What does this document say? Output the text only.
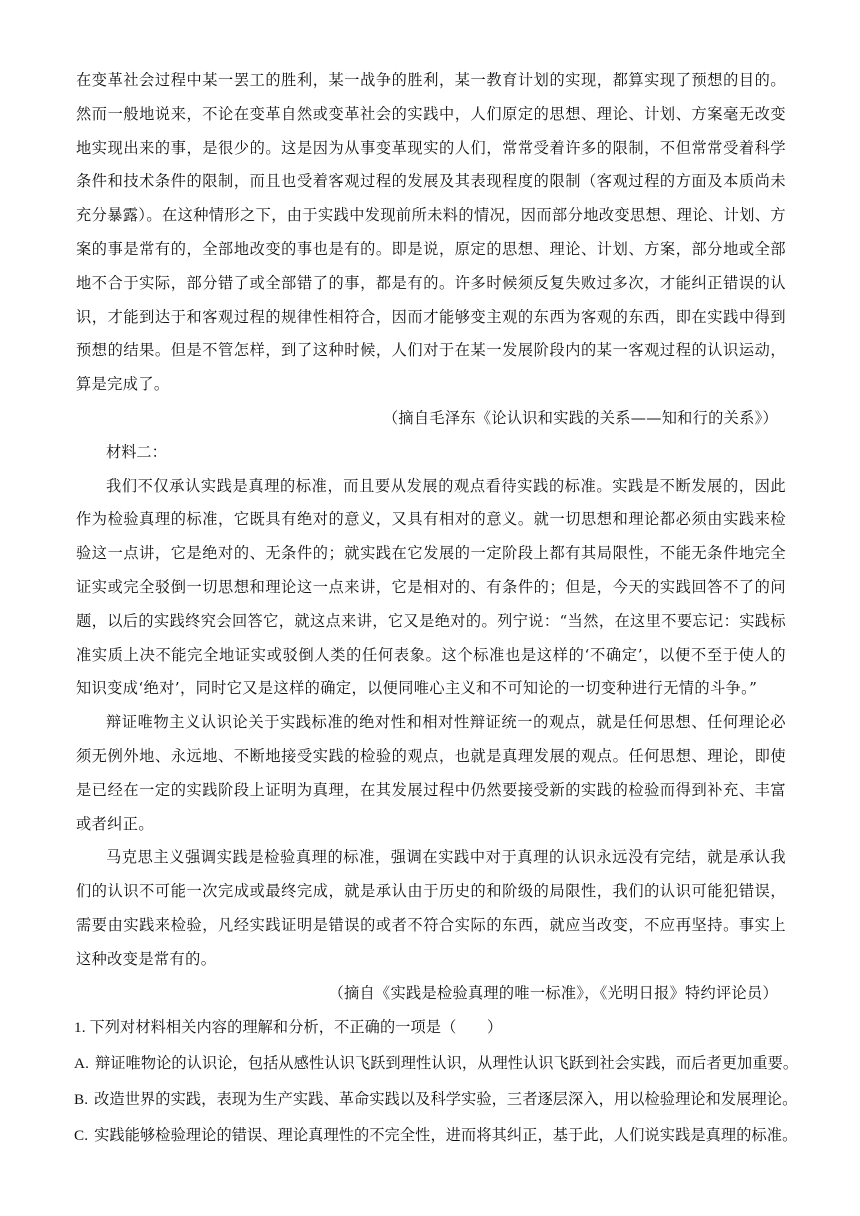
在变革社会过程中某一罢工的胜利，某一战争的胜利，某一教育计划的实现，都算实现了预想的目的。然而一般地说来，不论在变革自然或变革社会的实践中，人们原定的思想、理论、计划、方案毫无改变地实现出来的事，是很少的。这是因为从事变革现实的人们，常常受着许多的限制，不但常常受着科学条件和技术条件的限制，而且也受着客观过程的发展及其表现程度的限制（客观过程的方面及本质尚未充分暴露）。在这种情形之下，由于实践中发现前所未料的情况，因而部分地改变思想、理论、计划、方案的事是常有的，全部地改变的事也是有的。即是说，原定的思想、理论、计划、方案，部分地或全部地不合于实际，部分错了或全部错了的事，都是有的。许多时候须反复失败过多次，才能纠正错误的认识，才能到达于和客观过程的规律性相符合，因而才能够变主观的东西为客观的东西，即在实践中得到预想的结果。但是不管怎样，到了这种时候，人们对于在某一发展阶段内的某一客观过程的认识运动，算是完成了。

（摘自毛泽东《论认识和实践的关系——知和行的关系》）

材料二：

我们不仅承认实践是真理的标准，而且要从发展的观点看待实践的标准。实践是不断发展的，因此作为检验真理的标准，它既具有绝对的意义，又具有相对的意义。就一切思想和理论都必须由实践来检验这一点讲，它是绝对的、无条件的；就实践在它发展的一定阶段上都有其局限性，不能无条件地完全证实或完全驳倒一切思想和理论这一点来讲，它是相对的、有条件的；但是，今天的实践回答不了的问题，以后的实践终究会回答它，就这点来讲，它又是绝对的。列宁说：“当然，在这里不要忘记：实践标准实质上决不能完全地证实或驳倒人类的任何表象。这个标准也是这样的‘不确定’，以便不至于使人的知识变成‘绝对’，同时它又是这样的确定，以便同唯心主义和不可知论的一切变种进行无情的斗争。”

辩证唯物主义认识论关于实践标准的绝对性和相对性辩证统一的观点，就是任何思想、任何理论必须无例外地、永远地、不断地接受实践的检验的观点，也就是真理发展的观点。任何思想、理论，即使是已经在一定的实践阶段上证明为真理，在其发展过程中仍然要接受新的实践的检验而得到补充、丰富或者纠正。

马克思主义强调实践是检验真理的标准，强调在实践中对于真理的认识永远没有完结，就是承认我们的认识不可能一次完成或最终完成，就是承认由于历史的和阶级的局限性，我们的认识可能犯错误，需要由实践来检验，凡经实践证明是错误的或者不符合实际的东西，就应当改变，不应再坚持。事实上这种改变是常有的。

（摘自《实践是检验真理的唯一标准》，《光明日报》特约评论员）

1. 下列对材料相关内容的理解和分析，不正确的一项是（　　）

A. 辩证唯物论的认识论，包括从感性认识飞跃到理性认识，从理性认识飞跃到社会实践，而后者更加重要。

B. 改造世界的实践，表现为生产实践、革命实践以及科学实验，三者逐层深入，用以检验理论和发展理论。

C. 实践能够检验理论的错误、理论真理性的不完全性，进而将其纠正，基于此，人们说实践是真理的标准。
